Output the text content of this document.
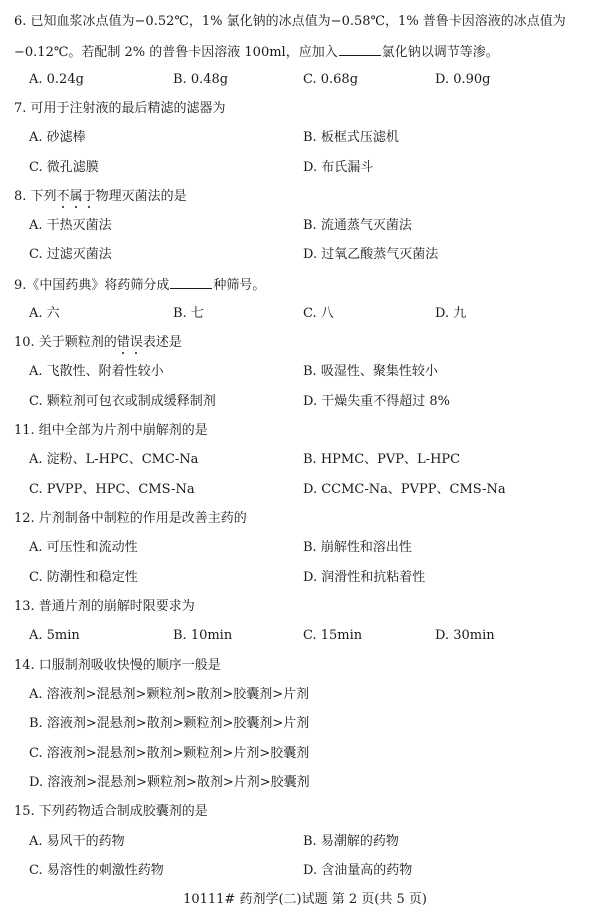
6. 已知血浆冰点值为−0.52℃，1% 氯化钠的冰点值为−0.58℃，1% 普鲁卡因溶液的冰点值为
−0.12℃。若配制 2% 的普鲁卡因溶液 100ml，应加入	氯化钠以调节等渗。
A. 0.24g	B. 0.48g	C. 0.68g	D. 0.90g
7. 可用于注射液的最后精滤的滤器为
A. 砂滤棒	B. 板框式压滤机
C. 微孔滤膜	D. 布氏漏斗
8. 下列不属于物理灭菌法的是
A. 干热灭菌法	B. 流通蒸气灭菌法
C. 过滤灭菌法	D. 过氧乙酸蒸气灭菌法
9.《中国药典》将药筛分成	种筛号。
A. 六	B. 七	C. 八	D. 九
10. 关于颗粒剂的错误表述是
A. 飞散性、附着性较小	B. 吸湿性、聚集性较小
C. 颗粒剂可包衣或制成缓释制剂	D. 干燥失重不得超过 8%
11. 组中全部为片剂中崩解剂的是
A. 淀粉、L-HPC、CMC-Na	B. HPMC、PVP、L-HPC
C. PVPP、HPC、CMS-Na	D. CCMC-Na、PVPP、CMS-Na
12. 片剂制备中制粒的作用是改善主药的
A. 可压性和流动性	B. 崩解性和溶出性
C. 防潮性和稳定性	D. 润滑性和抗粘着性
13. 普通片剂的崩解时限要求为
A. 5min	B. 10min	C. 15min	D. 30min
14. 口服制剂吸收快慢的顺序一般是
A. 溶液剂>混悬剂>颗粒剂>散剂>胶囊剂>片剂
B. 溶液剂>混悬剂>散剂>颗粒剂>胶囊剂>片剂
C. 溶液剂>混悬剂>散剂>颗粒剂>片剂>胶囊剂
D. 溶液剂>混悬剂>颗粒剂>散剂>片剂>胶囊剂
15. 下列药物适合制成胶囊剂的是
A. 易风干的药物	B. 易潮解的药物
C. 易溶性的刺激性药物	D. 含油量高的药物
10111# 药剂学(二)试题 第 2 页(共 5 页)
